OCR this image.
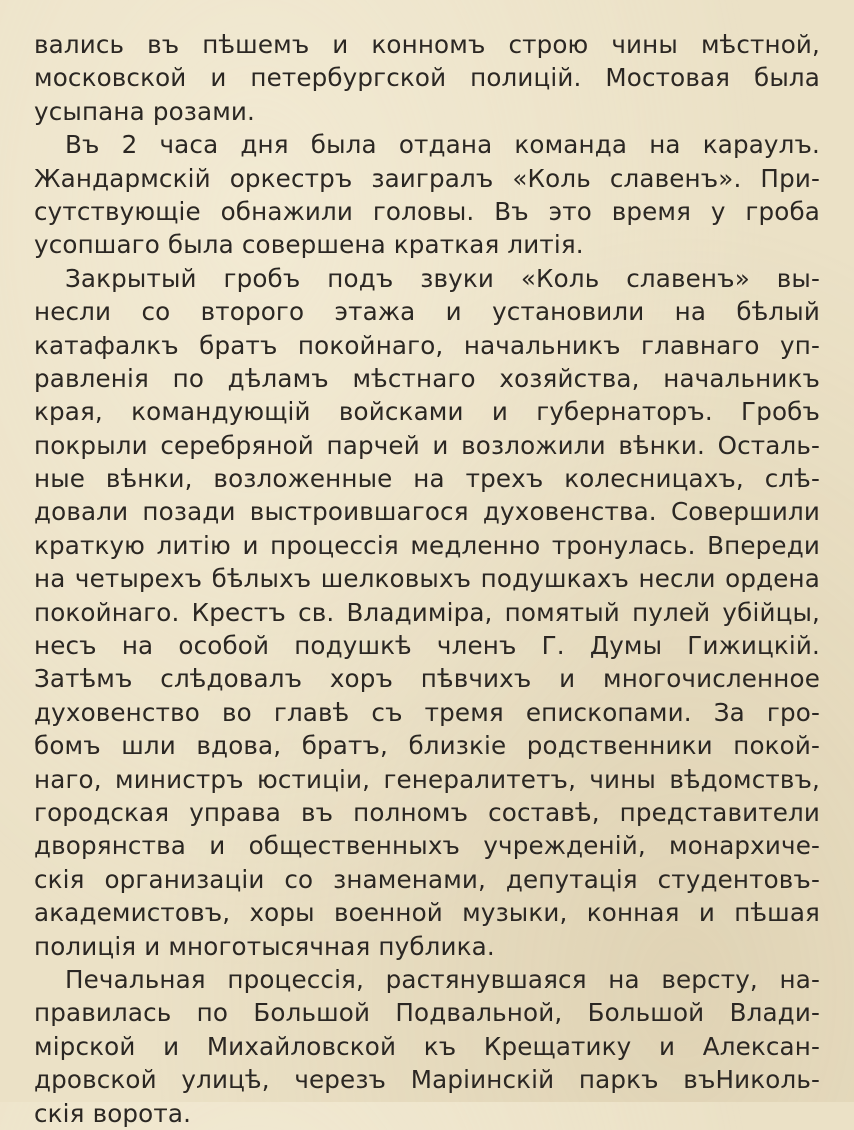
вались въ пѣшемъ и конномъ строю чины мѣстной,
московской и петербургской полицій. Мостовая была
усыпана розами.
Въ 2 часа дня была отдана команда на караулъ.
Жандармскій оркестръ заигралъ «Коль славенъ». При-
сутствующіе обнажили головы. Въ это время у гроба
усопшаго была совершена краткая литія.
Закрытый гробъ подъ звуки «Коль славенъ» вы-
несли со второго этажа и установили на бѣлый
катафалкъ братъ покойнаго, начальникъ главнаго уп-
равленія по дѣламъ мѣстнаго хозяйства, начальникъ
края, командующій войсками и губернаторъ. Гробъ
покрыли серебряной парчей и возложили вѣнки. Осталь-
ные вѣнки, возложенные на трехъ колесницахъ, слѣ-
довали позади выстроившагося духовенства. Совершили
краткую литію и процессія медленно тронулась. Впереди
на четырехъ бѣлыхъ шелковыхъ подушкахъ несли ордена
покойнаго. Крестъ св. Владиміра, помятый пулей убійцы,
несъ на особой подушкѣ членъ Г. Думы Гижицкій.
Затѣмъ слѣдовалъ хоръ пѣвчихъ и многочисленное
духовенство во главѣ съ тремя епископами. За гро-
бомъ шли вдова, братъ, близкіе родственники покой-
наго, министръ юстиціи, генералитетъ, чины вѣдомствъ,
городская управа въ полномъ составѣ, представители
дворянства и общественныхъ учрежденій, монархиче-
скія организаціи со знаменами, депутація студентовъ-
академистовъ, хоры военной музыки, конная и пѣшая
полиція и многотысячная публика.
Печальная процессія, растянувшаяся на версту, на-
правилась по Большой Подвальной, Большой Влади-
мірской и Михайловской къ Крещатику и Алексан-
дровской улицѣ, черезъ Маріинскій паркъ въНиколь-
скія ворота.
